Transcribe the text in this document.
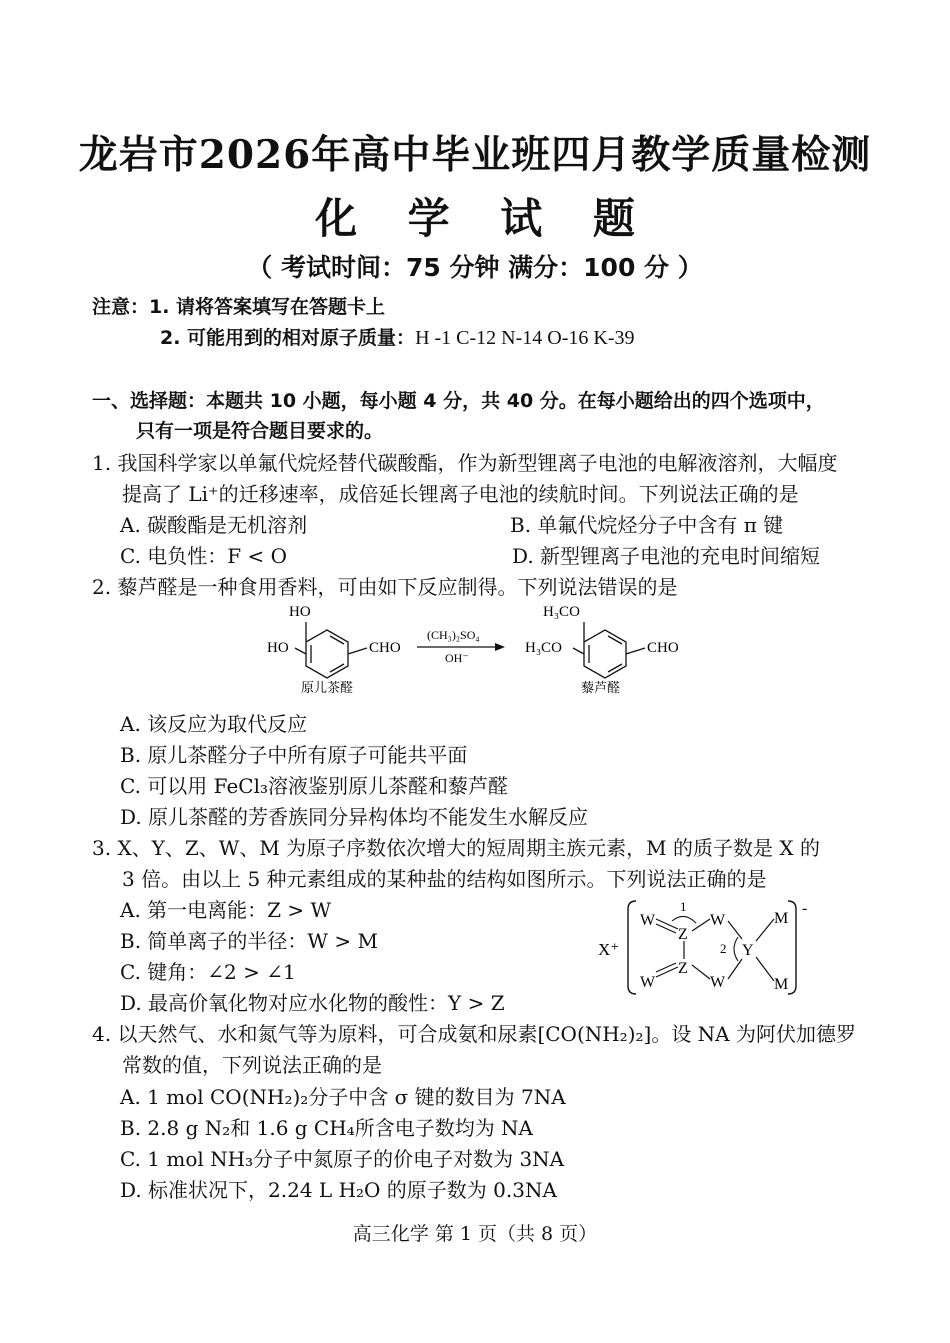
龙岩市2026年高中毕业班四月教学质量检测
化 学 试 题
（ 考试时间：75 分钟 满分：100 分 ）
注意：1. 请将答案填写在答题卡上
2. 可能用到的相对原子质量：H -1 C-12 N-14 O-16 K-39
一、选择题：本题共 10 小题，每小题 4 分，共 40 分。在每小题给出的四个选项中，
只有一项是符合题目要求的。
1. 我国科学家以单氟代烷烃替代碳酸酯，作为新型锂离子电池的电解液溶剂，大幅度
提高了 Li⁺的迁移速率，成倍延长锂离子电池的续航时间。下列说法正确的是
A. 碳酸酯是无机溶剂	B. 单氟代烷烃分子中含有 π 键
C. 电负性：F < O	D. 新型锂离子电池的充电时间缩短
2. 藜芦醛是一种食用香料，可由如下反应制得。下列说法错误的是
HO
HO	CHO
(CH₃)₂SO₄
OH⁻
H₃CO
H₃CO	CHO
原儿茶醛	藜芦醛
A. 该反应为取代反应
B. 原儿茶醛分子中所有原子可能共平面
C. 可以用 FeCl₃溶液鉴别原儿茶醛和藜芦醛
D. 原儿茶醛的芳香族同分异构体均不能发生水解反应
3. X、Y、Z、W、M 为原子序数依次增大的短周期主族元素，M 的质子数是 X 的
3 倍。由以上 5 种元素组成的某种盐的结构如图所示。下列说法正确的是
A. 第一电离能：Z > W
B. 简单离子的半径：W > M
C. 键角：∠2 > ∠1
D. 最高价氧化物对应水化物的酸性：Y > Z
X⁺
-
W
W
Z
Z
W
W
Y
M
M
1
2
4. 以天然气、水和氮气等为原料，可合成氨和尿素[CO(NH₂)₂]。设 NA 为阿伏加德罗
常数的值，下列说法正确的是
A. 1 mol CO(NH₂)₂分子中含 σ 键的数目为 7NA
B. 2.8 g N₂和 1.6 g CH₄所含电子数均为 NA
C. 1 mol NH₃分子中氮原子的价电子对数为 3NA
D. 标准状况下，2.24 L H₂O 的原子数为 0.3NA
高三化学 第 1 页（共 8 页）
